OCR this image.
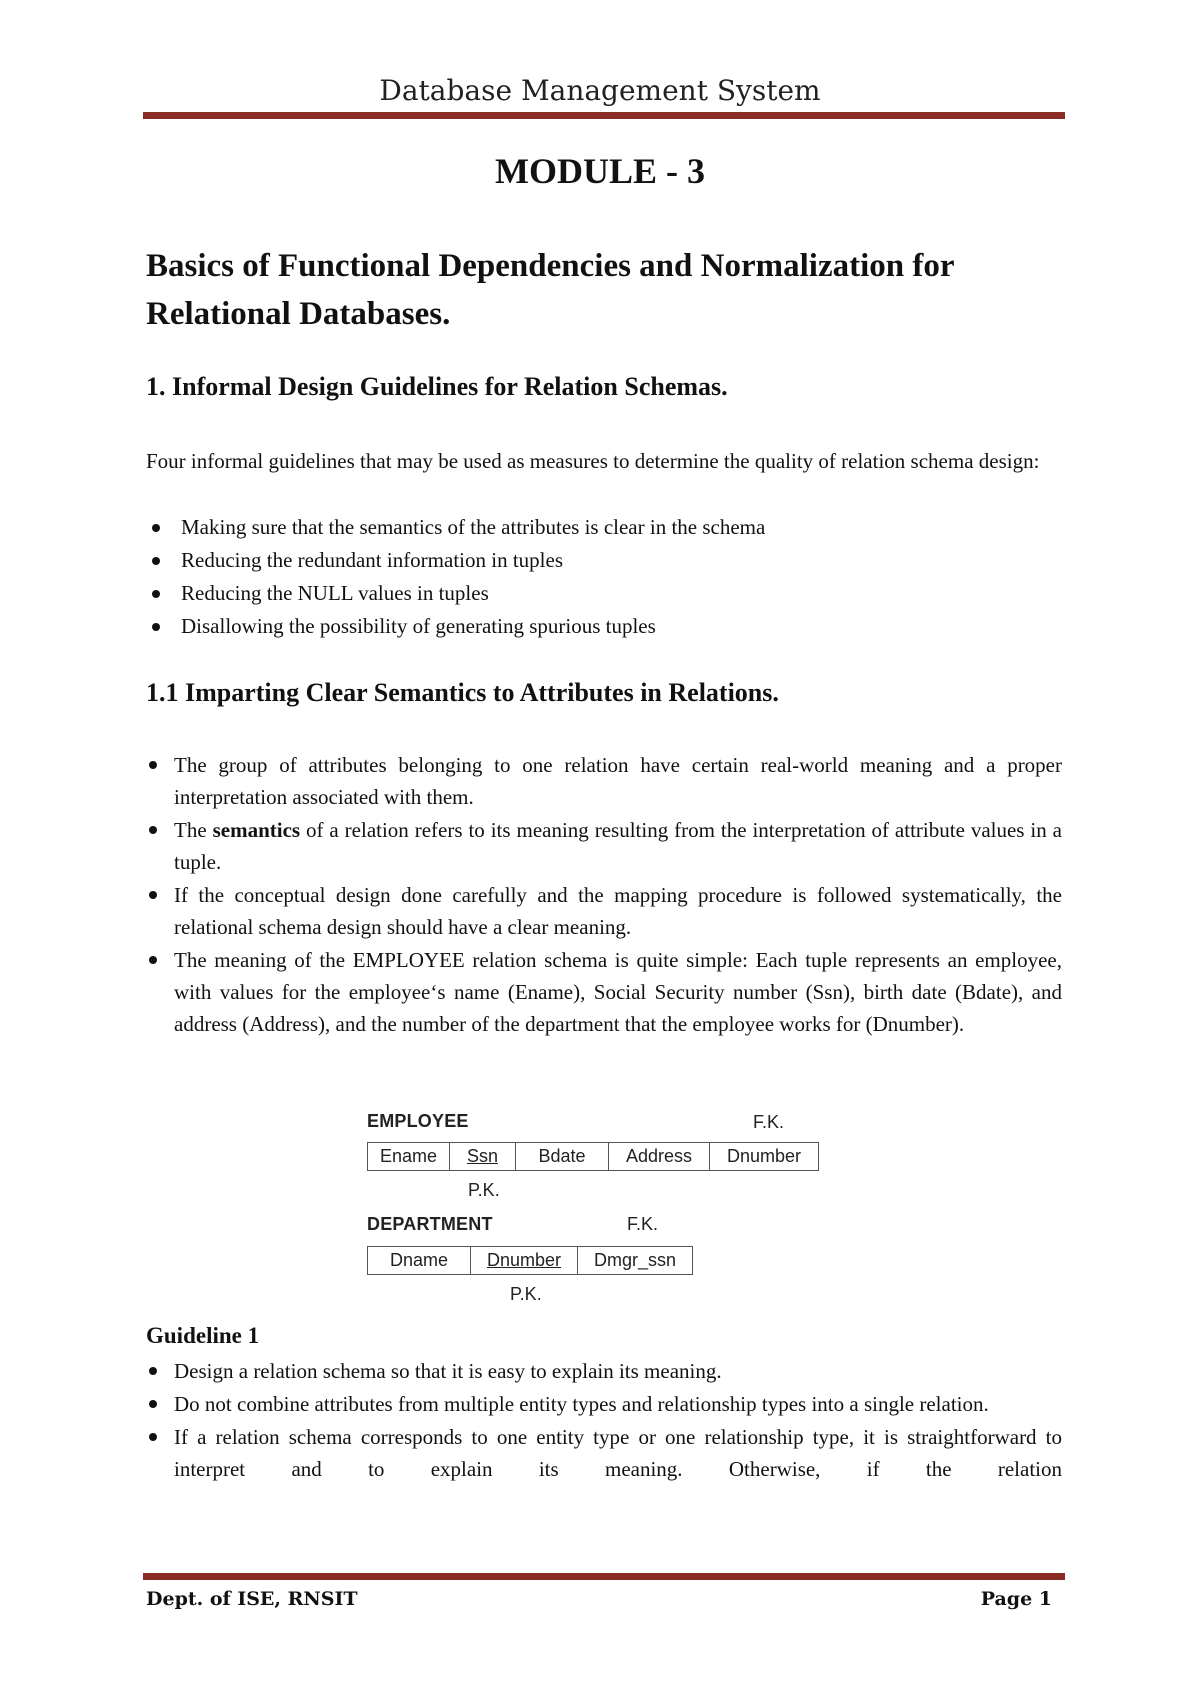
Database Management System
MODULE - 3
Basics of Functional Dependencies and Normalization for Relational Databases.
1. Informal Design Guidelines for Relation Schemas.
Four informal guidelines that may be used as measures to determine the quality of relation schema design:
Making sure that the semantics of the attributes is clear in the schema
Reducing the redundant information in tuples
Reducing the NULL values in tuples
Disallowing the possibility of generating spurious tuples
1.1 Imparting Clear Semantics to Attributes in Relations.
The group of attributes belonging to one relation have certain real-world meaning and a proper interpretation associated with them.
The semantics of a relation refers to its meaning resulting from the interpretation of attribute values in a tuple.
If the conceptual design done carefully and the mapping procedure is followed systematically, the relational schema design should have a clear meaning.
The meaning of the EMPLOYEE relation schema is quite simple: Each tuple represents an employee, with values for the employee‘s name (Ename), Social Security number (Ssn), birth date (Bdate), and address (Address), and the number of the department that the employee works for (Dnumber).
EMPLOYEE	F.K.
Ename	Ssn	Bdate	Address	Dnumber
P.K.
DEPARTMENT	F.K.
Dname	Dnumber	Dmgr_ssn
P.K.
Guideline 1
Design a relation schema so that it is easy to explain its meaning.
Do not combine attributes from multiple entity types and relationship types into a single relation.
If a relation schema corresponds to one entity type or one relationship type, it is straightforward to interpret and to explain its meaning. Otherwise, if the relation
Dept. of ISE, RNSIT	Page 1
